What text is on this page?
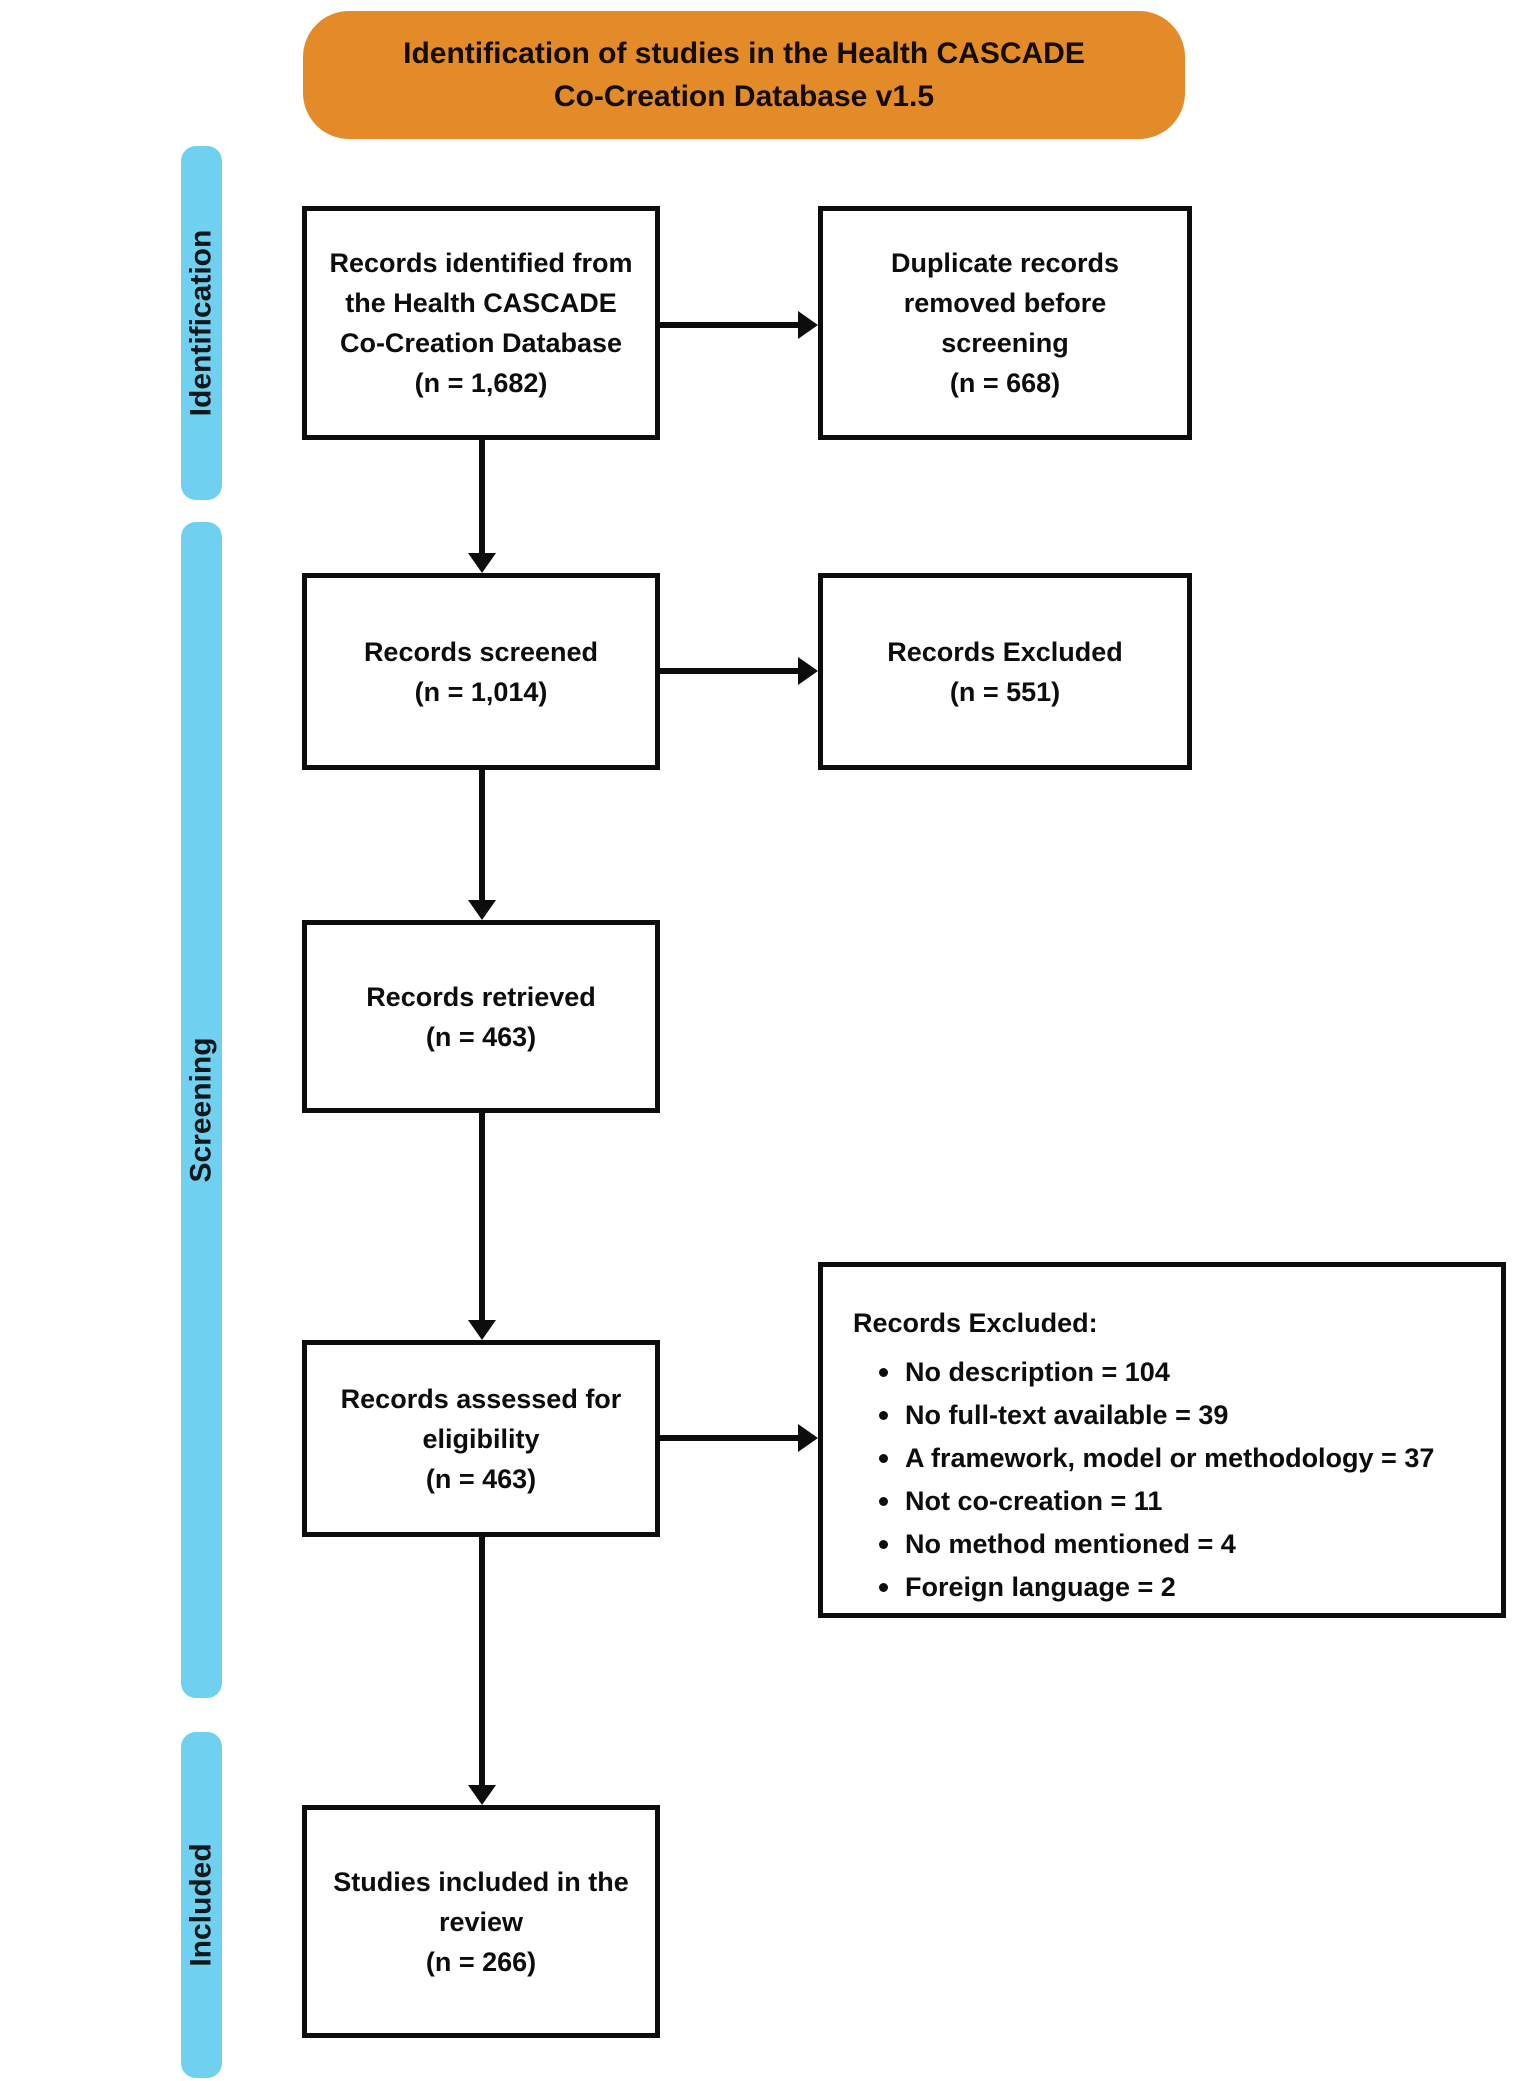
Identification of studies in the Health CASCADE
Co-Creation Database v1.5
Identification
Screening
Included
Records identified from
the Health CASCADE
Co-Creation Database
(n = 1,682)
Duplicate records
removed before
screening
(n = 668)
Records screened
(n = 1,014)
Records Excluded
(n = 551)
Records retrieved
(n = 463)
Records assessed for
eligibility
(n = 463)
Records Excluded:
No description = 104
No full-text available = 39
A framework, model or methodology = 37
Not co-creation = 11
No method mentioned = 4
Foreign language = 2
Studies included in the
review
(n = 266)
